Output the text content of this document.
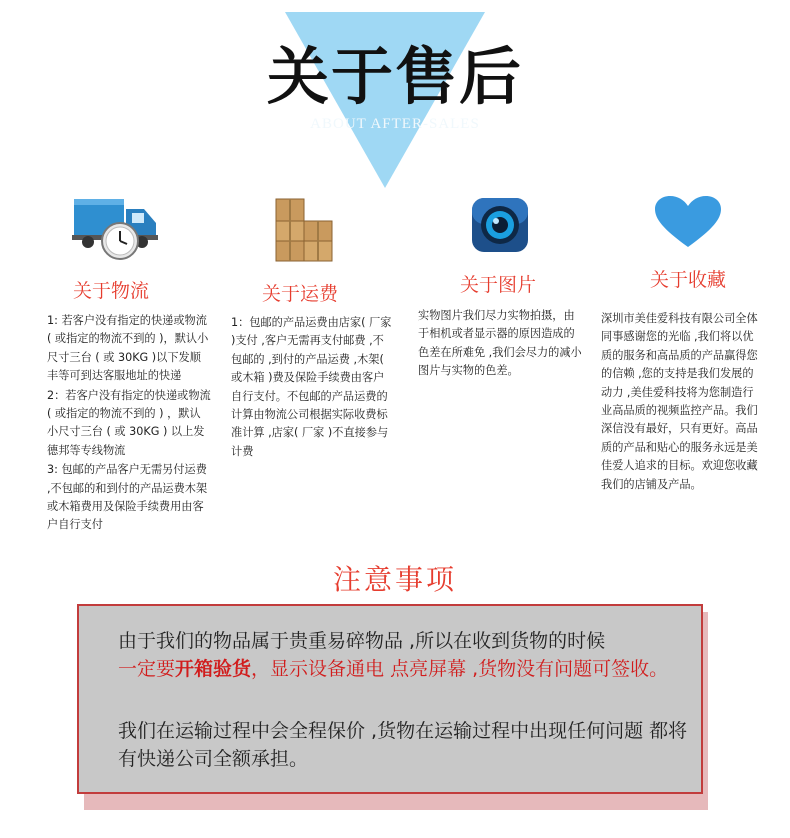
关于售后
ABOUT AFTER-SALES
关于物流

1: 若客户没有指定的快递或物流( 或指定的物流不到的 )，默认小尺寸三台 ( 或 30KG )以下发顺丰等可到达客服地址的快递

2：若客户没有指定的快递或物流( 或指定的物流不到的 ) ，默认小尺寸三台 ( 或 30KG ) 以上发德邦等专线物流

3: 包邮的产品客户无需另付运费 ,不包邮的和到付的产品运费木架或木箱费用及保险手续费用由客户自行支付

关于运费

1：包邮的产品运费由店家( 厂家 )支付 ,客户无需再支付邮费 ,不包邮的 ,到付的产品运费 ,木架( 或木箱 )费及保险手续费由客户自行支付。不包邮的产品运费的计算由物流公司根据实际收费标准计算 ,店家( 厂家 )不直接参与计费

关于图片

实物图片我们尽力实物拍摄，由于相机或者显示器的原因造成的色差在所难免 ,我们会尽力的减小图片与实物的色差。

关于收藏

深圳市美佳爱科技有限公司全体同事感谢您的光临 ,我们将以优质的服务和高品质的产品赢得您的信赖 ,您的支持是我们发展的动力 ,美佳爱科技将为您制造行业高品质的视频监控产品。我们深信没有最好，只有更好。高品质的产品和贴心的服务永远是美佳爱人追求的目标。欢迎您收藏我们的店铺及产品。

注意事项
由于我们的物品属于贵重易碎物品 ,所以在收到货物的时候
一定要开箱验货，显示设备通电 点亮屏幕 ,货物没有问题可签收。
我们在运输过程中会全程保价 ,货物在运输过程中出现任何问题 都将有快递公司全额承担。
